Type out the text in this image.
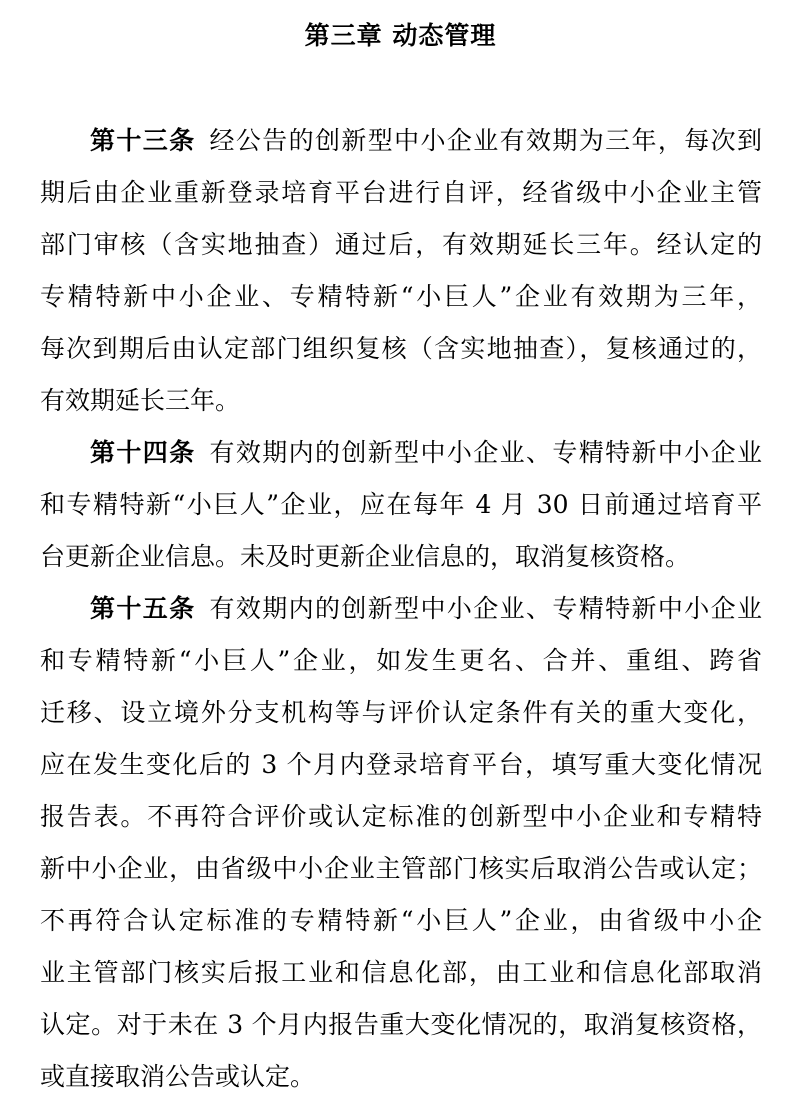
第三章 动态管理
第十三条 经公告的创新型中小企业有效期为三年，每次到
期后由企业重新登录培育平台进行自评，经省级中小企业主管
部门审核（含实地抽查）通过后，有效期延长三年。经认定的
专精特新中小企业、专精特新“小巨人”企业有效期为三年，
每次到期后由认定部门组织复核（含实地抽查），复核通过的，
有效期延长三年。
第十四条 有效期内的创新型中小企业、专精特新中小企业
和专精特新“小巨人”企业，应在每年 4 月 30 日前通过培育平
台更新企业信息。未及时更新企业信息的，取消复核资格。
第十五条 有效期内的创新型中小企业、专精特新中小企业
和专精特新“小巨人”企业，如发生更名、合并、重组、跨省
迁移、设立境外分支机构等与评价认定条件有关的重大变化，
应在发生变化后的 3 个月内登录培育平台，填写重大变化情况
报告表。不再符合评价或认定标准的创新型中小企业和专精特
新中小企业，由省级中小企业主管部门核实后取消公告或认定；
不再符合认定标准的专精特新“小巨人”企业，由省级中小企
业主管部门核实后报工业和信息化部，由工业和信息化部取消
认定。对于未在 3 个月内报告重大变化情况的，取消复核资格，
或直接取消公告或认定。
